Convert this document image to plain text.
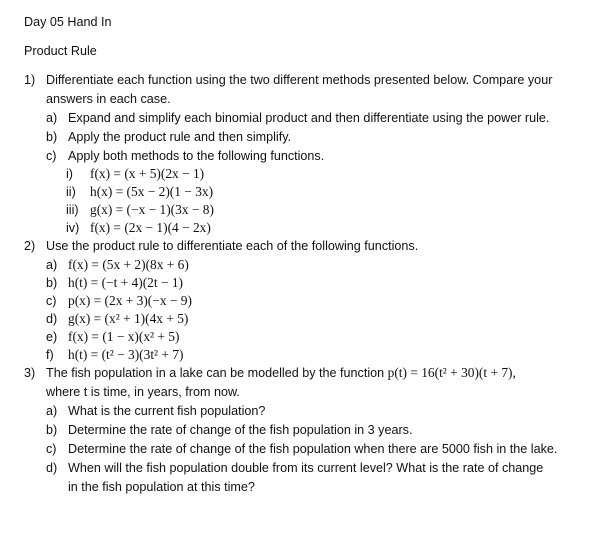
Day 05 Hand In
Product Rule
1) Differentiate each function using the two different methods presented below. Compare your
answers in each case.
a) Expand and simplify each binomial product and then differentiate using the power rule.
b) Apply the product rule and then simplify.
c) Apply both methods to the following functions.
i) f(x) = (x + 5)(2x − 1)
ii) h(x) = (5x − 2)(1 − 3x)
iii) g(x) = (−x − 1)(3x − 8)
iv) f(x) = (2x − 1)(4 − 2x)
2) Use the product rule to differentiate each of the following functions.
a) f(x) = (5x + 2)(8x + 6)
b) h(t) = (−t + 4)(2t − 1)
c) p(x) = (2x + 3)(−x − 9)
d) g(x) = (x² + 1)(4x + 5)
e) f(x) = (1 − x)(x² + 5)
f) h(t) = (t² − 3)(3t² + 7)
3) The fish population in a lake can be modelled by the function p(t) = 16(t² + 30)(t + 7),
where t is time, in years, from now.
a) What is the current fish population?
b) Determine the rate of change of the fish population in 3 years.
c) Determine the rate of change of the fish population when there are 5000 fish in the lake.
d) When will the fish population double from its current level? What is the rate of change
in the fish population at this time?
